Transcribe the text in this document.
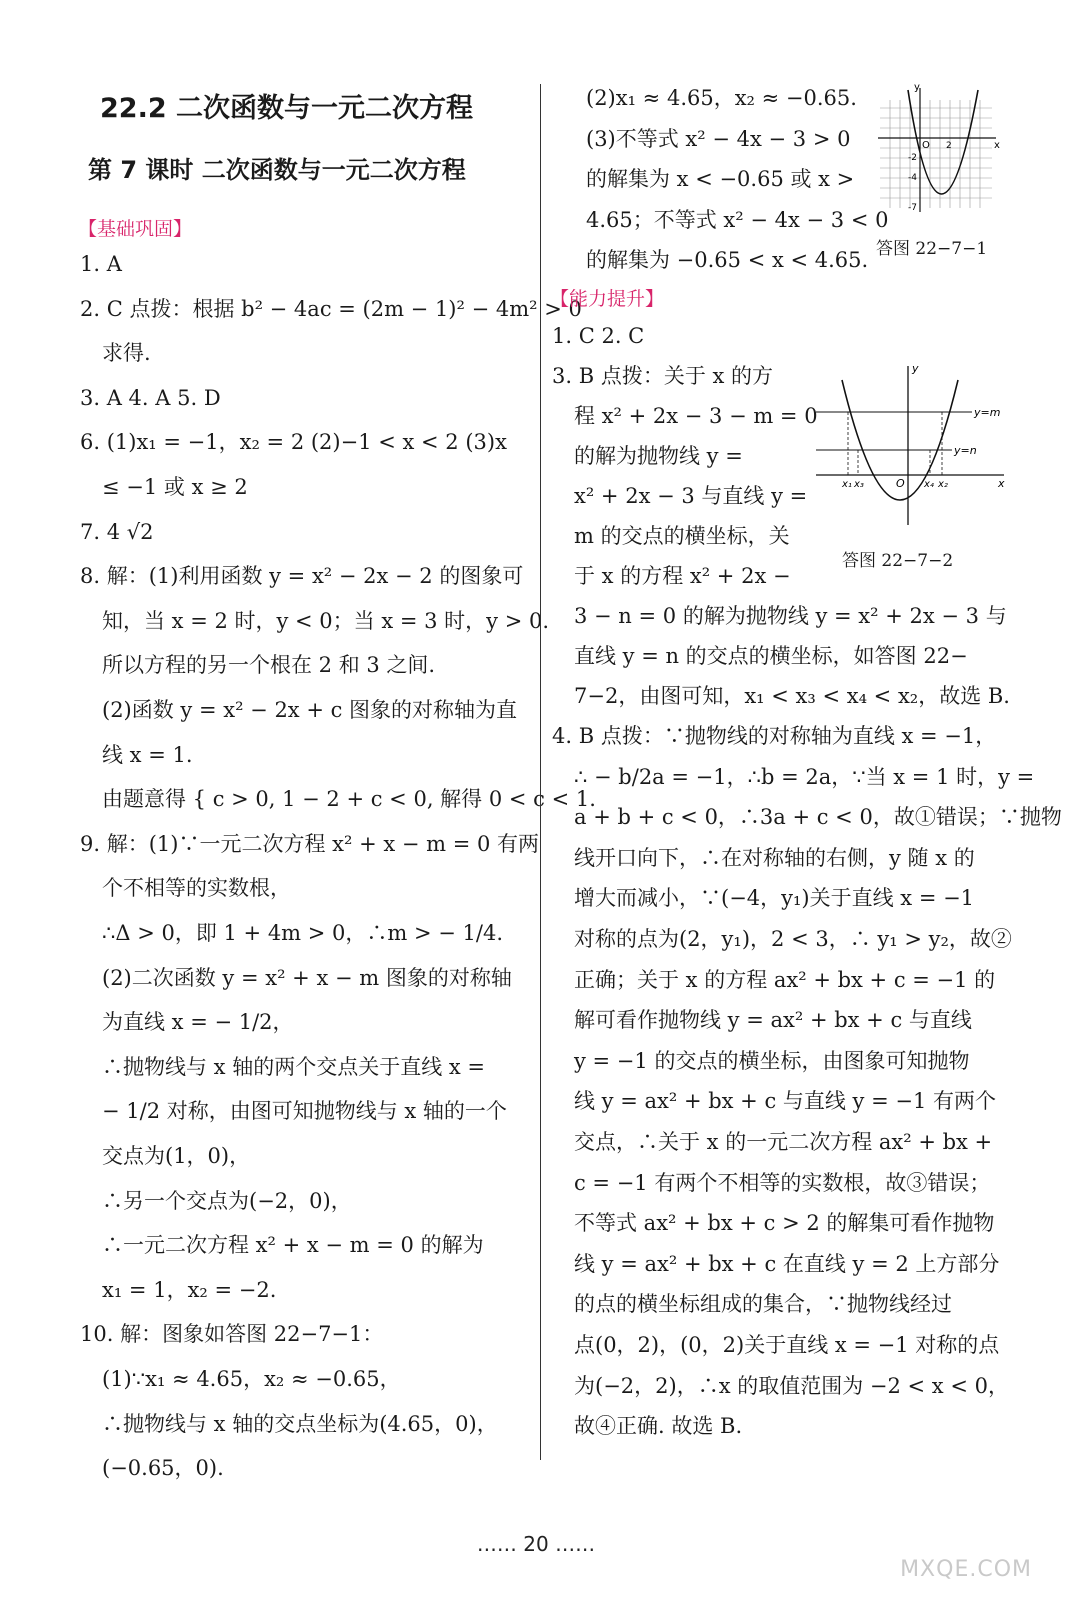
22.2 二次函数与一元二次方程
第 7 课时 二次函数与一元二次方程
【基础巩固】
1. A
2. C 点拨：根据 b² − 4ac = (2m − 1)² − 4m² > 0
求得.
3. A 4. A 5. D
6. (1)x₁ = −1，x₂ = 2 (2)−1 < x < 2 (3)x
≤ −1 或 x ≥ 2
7. 4 √2
8. 解：(1)利用函数 y = x² − 2x − 2 的图象可
知，当 x = 2 时，y < 0；当 x = 3 时，y > 0.
所以方程的另一个根在 2 和 3 之间.
(2)函数 y = x² − 2x + c 图象的对称轴为直
线 x = 1.
由题意得 { c > 0, 1 − 2 + c < 0, 解得 0 < c < 1.
9. 解：(1)∵一元二次方程 x² + x − m = 0 有两
个不相等的实数根，
∴Δ > 0，即 1 + 4m > 0，∴m > − 1/4.
(2)二次函数 y = x² + x − m 图象的对称轴
为直线 x = − 1/2，
∴抛物线与 x 轴的两个交点关于直线 x =
− 1/2 对称，由图可知抛物线与 x 轴的一个
交点为(1，0)，
∴另一个交点为(−2，0)，
∴一元二次方程 x² + x − m = 0 的解为
x₁ = 1，x₂ = −2.
10. 解：图象如答图 22−7−1：
(1)∵x₁ ≈ 4.65，x₂ ≈ −0.65，
∴抛物线与 x 轴的交点坐标为(4.65，0)，
(−0.65，0).
(2)x₁ ≈ 4.65，x₂ ≈ −0.65.
(3)不等式 x² − 4x − 3 > 0
的解集为 x < −0.65 或 x >
4.65；不等式 x² − 4x − 3 < 0
的解集为 −0.65 < x < 4.65.
y
x
O 2
-2
-4
-7
答图 22−7−1
【能力提升】
1. C 2. C
3. B 点拨：关于 x 的方
程 x² + 2x − 3 − m = 0
的解为抛物线 y =
x² + 2x − 3 与直线 y =
m 的交点的横坐标，关
于 x 的方程 x² + 2x −
3 − n = 0 的解为抛物线 y = x² + 2x − 3 与
直线 y = n 的交点的横坐标，如答图 22−
7−2，由图可知，x₁ < x₃ < x₄ < x₂，故选 B.
y=m
y=n
x₁ x₃	O x₄ x₂	x
y
答图 22−7−2
4. B 点拨：∵抛物线的对称轴为直线 x = −1，
∴ − b/2a = −1，∴b = 2a，∵当 x = 1 时，y =
a + b + c < 0，∴3a + c < 0，故①错误；∵抛物
线开口向下，∴在对称轴的右侧，y 随 x 的
增大而减小，∵(−4，y₁)关于直线 x = −1
对称的点为(2，y₁)，2 < 3，∴ y₁ > y₂，故②
正确；关于 x 的方程 ax² + bx + c = −1 的
解可看作抛物线 y = ax² + bx + c 与直线
y = −1 的交点的横坐标，由图象可知抛物
线 y = ax² + bx + c 与直线 y = −1 有两个
交点，∴关于 x 的一元二次方程 ax² + bx +
c = −1 有两个不相等的实数根，故③错误；
不等式 ax² + bx + c > 2 的解集可看作抛物
线 y = ax² + bx + c 在直线 y = 2 上方部分
的点的横坐标组成的集合，∵抛物线经过
点(0，2)，(0，2)关于直线 x = −1 对称的点
为(−2，2)，∴x 的取值范围为 −2 < x < 0，
故④正确. 故选 B.
…… 20 ……
MXQE.COM
